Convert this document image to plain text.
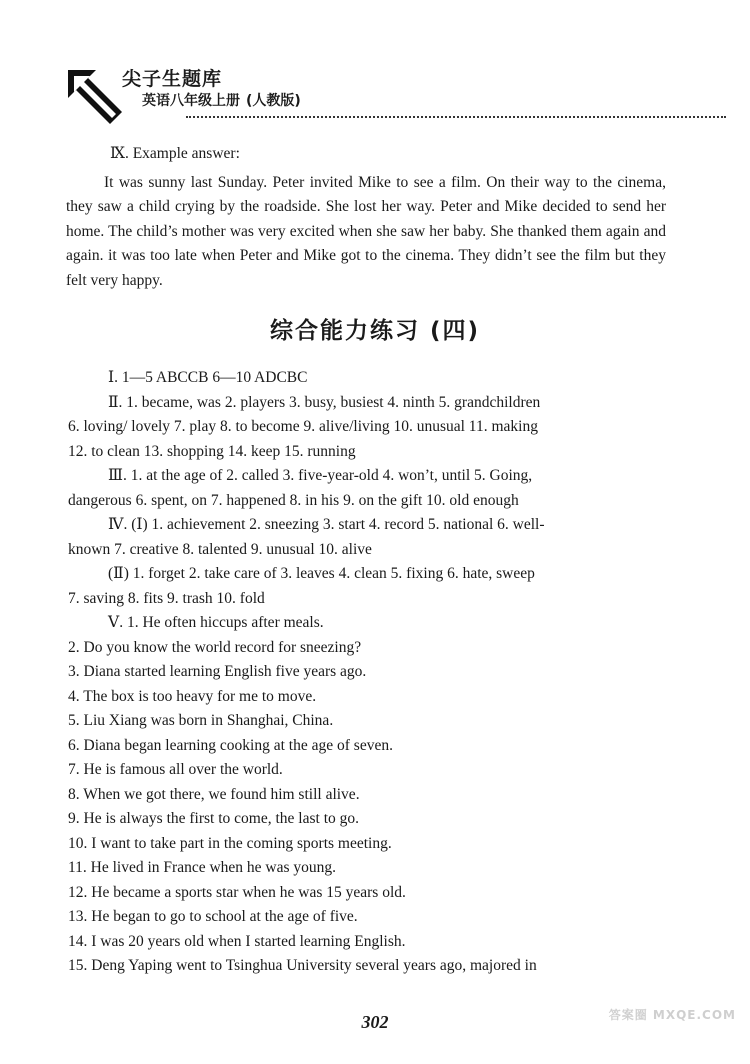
尖子生题库
英语八年级上册 (人教版)
Ⅸ. Example answer:

It was sunny last Sunday. Peter invited Mike to see a film. On their way to the cinema, they saw a child crying by the roadside. She lost her way. Peter and Mike decided to send her home. The child’s mother was very excited when she saw her baby. She thanked them again and again. it was too late when Peter and Mike got to the cinema. They didn’t see the film but they felt very happy.

综合能力练习 (四)
Ⅰ. 1—5 ABCCB 6—10 ADCBC
Ⅱ. 1. became, was 2. players 3. busy, busiest 4. ninth 5. grandchildren
6. loving/ lovely 7. play 8. to become 9. alive/living 10. unusual 11. making
12. to clean 13. shopping 14. keep 15. running
Ⅲ. 1. at the age of 2. called 3. five-year-old 4. won’t, until 5. Going,
dangerous 6. spent, on 7. happened 8. in his 9. on the gift 10. old enough
Ⅳ. (Ⅰ) 1. achievement 2. sneezing 3. start 4. record 5. national 6. well-
known 7. creative 8. talented 9. unusual 10. alive
(Ⅱ) 1. forget 2. take care of 3. leaves 4. clean 5. fixing 6. hate, sweep
7. saving 8. fits 9. trash 10. fold
Ⅴ. 1. He often hiccups after meals.
2. Do you know the world record for sneezing?
3. Diana started learning English five years ago.
4. The box is too heavy for me to move.
5. Liu Xiang was born in Shanghai, China.
6. Diana began learning cooking at the age of seven.
7. He is famous all over the world.
8. When we got there, we found him still alive.
9. He is always the first to come, the last to go.
10. I want to take part in the coming sports meeting.
11. He lived in France when he was young.
12. He became a sports star when he was 15 years old.
13. He began to go to school at the age of five.
14. I was 20 years old when I started learning English.
15. Deng Yaping went to Tsinghua University several years ago, majored in
302	答案圈 MXQE.COM
